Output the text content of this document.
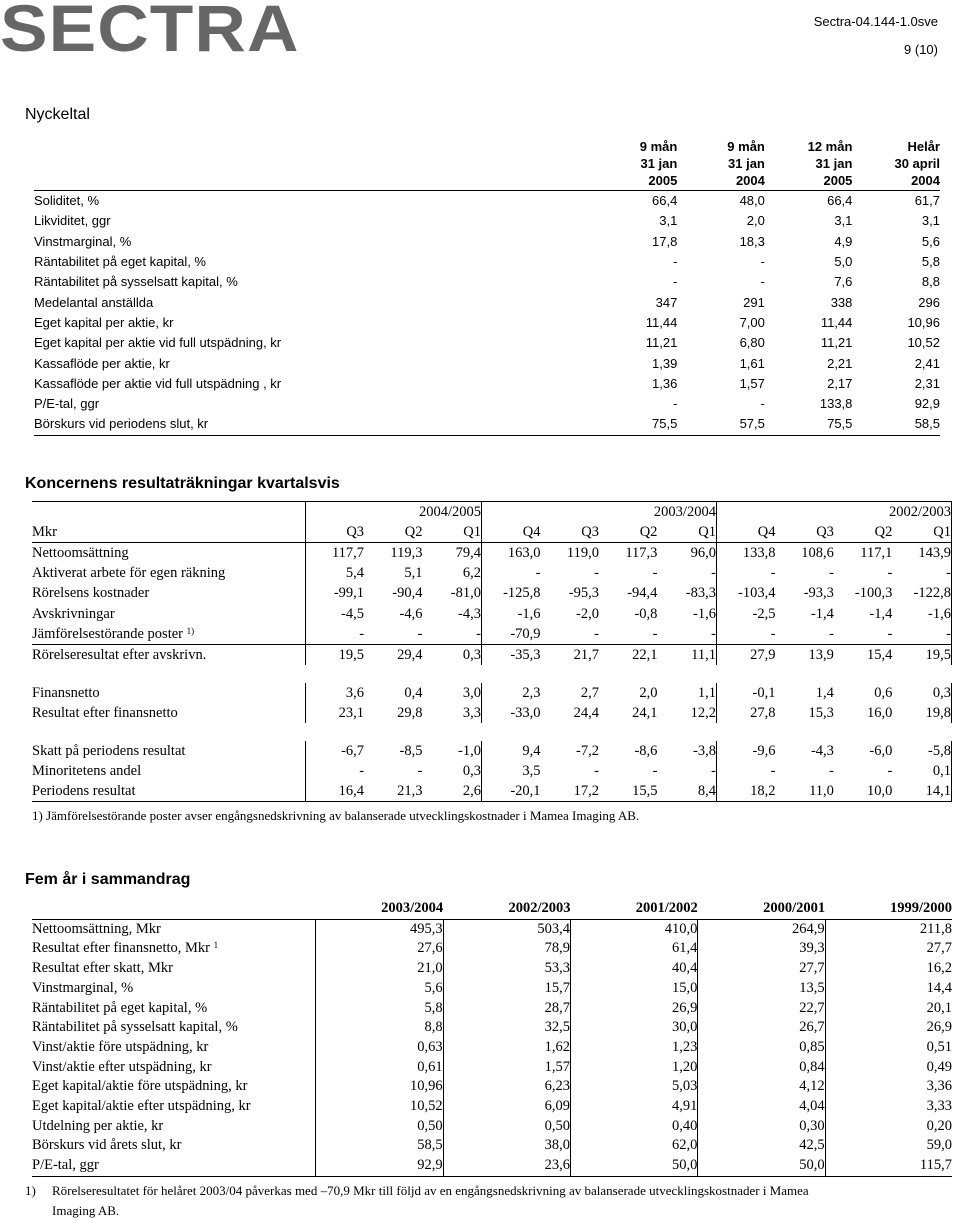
SECTRA	Sectra-04.144-1.0sve
9 (10)
Nyckeltal
	9 mån	9 mån	12 mån	Helår
	31 jan	31 jan	31 jan	30 april
	2005	2004	2005	2004
Soliditet, %	66,4	48,0	66,4	61,7
Likviditet, ggr	3,1	2,0	3,1	3,1
Vinstmarginal, %	17,8	18,3	4,9	5,6
Räntabilitet på eget kapital, %	-	-	5,0	5,8
Räntabilitet på sysselsatt kapital, %	-	-	7,6	8,8
Medelantal anställda	347	291	338	296
Eget kapital per aktie, kr	11,44	7,00	11,44	10,96
Eget kapital per aktie vid full utspädning, kr	11,21	6,80	11,21	10,52
Kassaflöde per aktie, kr	1,39	1,61	2,21	2,41
Kassaflöde per aktie vid full utspädning , kr	1,36	1,57	2,17	2,31
P/E-tal, ggr	-	-	133,8	92,9
Börskurs vid periodens slut, kr	75,5	57,5	75,5	58,5
Koncernens resultaträkningar kvartalsvis
	2004/2005			2003/2004				2002/2003			
Mkr	Q3	Q2	Q1	Q4	Q3	Q2	Q1	Q4	Q3	Q2	Q1
Nettoomsättning	117,7	119,3	79,4	163,0	119,0	117,3	96,0	133,8	108,6	117,1	143,9
Aktiverat arbete för egen räkning	5,4	5,1	6,2	-	-	-	-	-	-	-	-
Rörelsens kostnader	-99,1	-90,4	-81,0	-125,8	-95,3	-94,4	-83,3	-103,4	-93,3	-100,3	-122,8
Avskrivningar	-4,5	-4,6	-4,3	-1,6	-2,0	-0,8	-1,6	-2,5	-1,4	-1,4	-1,6
Jämförelsestörande poster $^{1)}$	-	-	-	-70,9	-	-	-	-	-	-	-
Rörelseresultat efter avskrivn.	19,5	29,4	0,3	-35,3	21,7	22,1	11,1	27,9	13,9	15,4	19,5

Finansnetto	3,6	0,4	3,0	2,3	2,7	2,0	1,1	-0,1	1,4	0,6	0,3
Resultat efter finansnetto	23,1	29,8	3,3	-33,0	24,4	24,1	12,2	27,8	15,3	16,0	19,8

Skatt på periodens resultat	-6,7	-8,5	-1,0	9,4	-7,2	-8,6	-3,8	-9,6	-4,3	-6,0	-5,8
Minoritetens andel	-	-	0,3	3,5	-	-	-	-	-	-	0,1
Periodens resultat	16,4	21,3	2,6	-20,1	17,2	15,5	8,4	18,2	11,0	10,0	14,1
1) Jämförelsestörande poster avser engångsnedskrivning av balanserade utvecklingskostnader i Mamea Imaging AB.
Fem år i sammandrag
	2003/2004	2002/2003	2001/2002	2000/2001	1999/2000
Nettoomsättning, Mkr	495,3	503,4	410,0	264,9	211,8
Resultat efter finansnetto, Mkr $^1$	27,6	78,9	61,4	39,3	27,7
Resultat efter skatt, Mkr	21,0	53,3	40,4	27,7	16,2
Vinstmarginal, %	5,6	15,7	15,0	13,5	14,4
Räntabilitet på eget kapital, %	5,8	28,7	26,9	22,7	20,1
Räntabilitet på sysselsatt kapital, %	8,8	32,5	30,0	26,7	26,9
Vinst/aktie före utspädning, kr	0,63	1,62	1,23	0,85	0,51
Vinst/aktie efter utspädning, kr	0,61	1,57	1,20	0,84	0,49
Eget kapital/aktie före utspädning, kr	10,96	6,23	5,03	4,12	3,36
Eget kapital/aktie efter utspädning, kr	10,52	6,09	4,91	4,04	3,33
Utdelning per aktie, kr	0,50	0,50	0,40	0,30	0,20
Börskurs vid årets slut, kr	58,5	38,0	62,0	42,5	59,0
P/E-tal, ggr	92,9	23,6	50,0	50,0	115,7
1) Rörelseresultatet för helåret 2003/04 påverkas med –70,9 Mkr till följd av en engångsnedskrivning av balanserade utvecklingskostnader i Mamea
Imaging AB.
